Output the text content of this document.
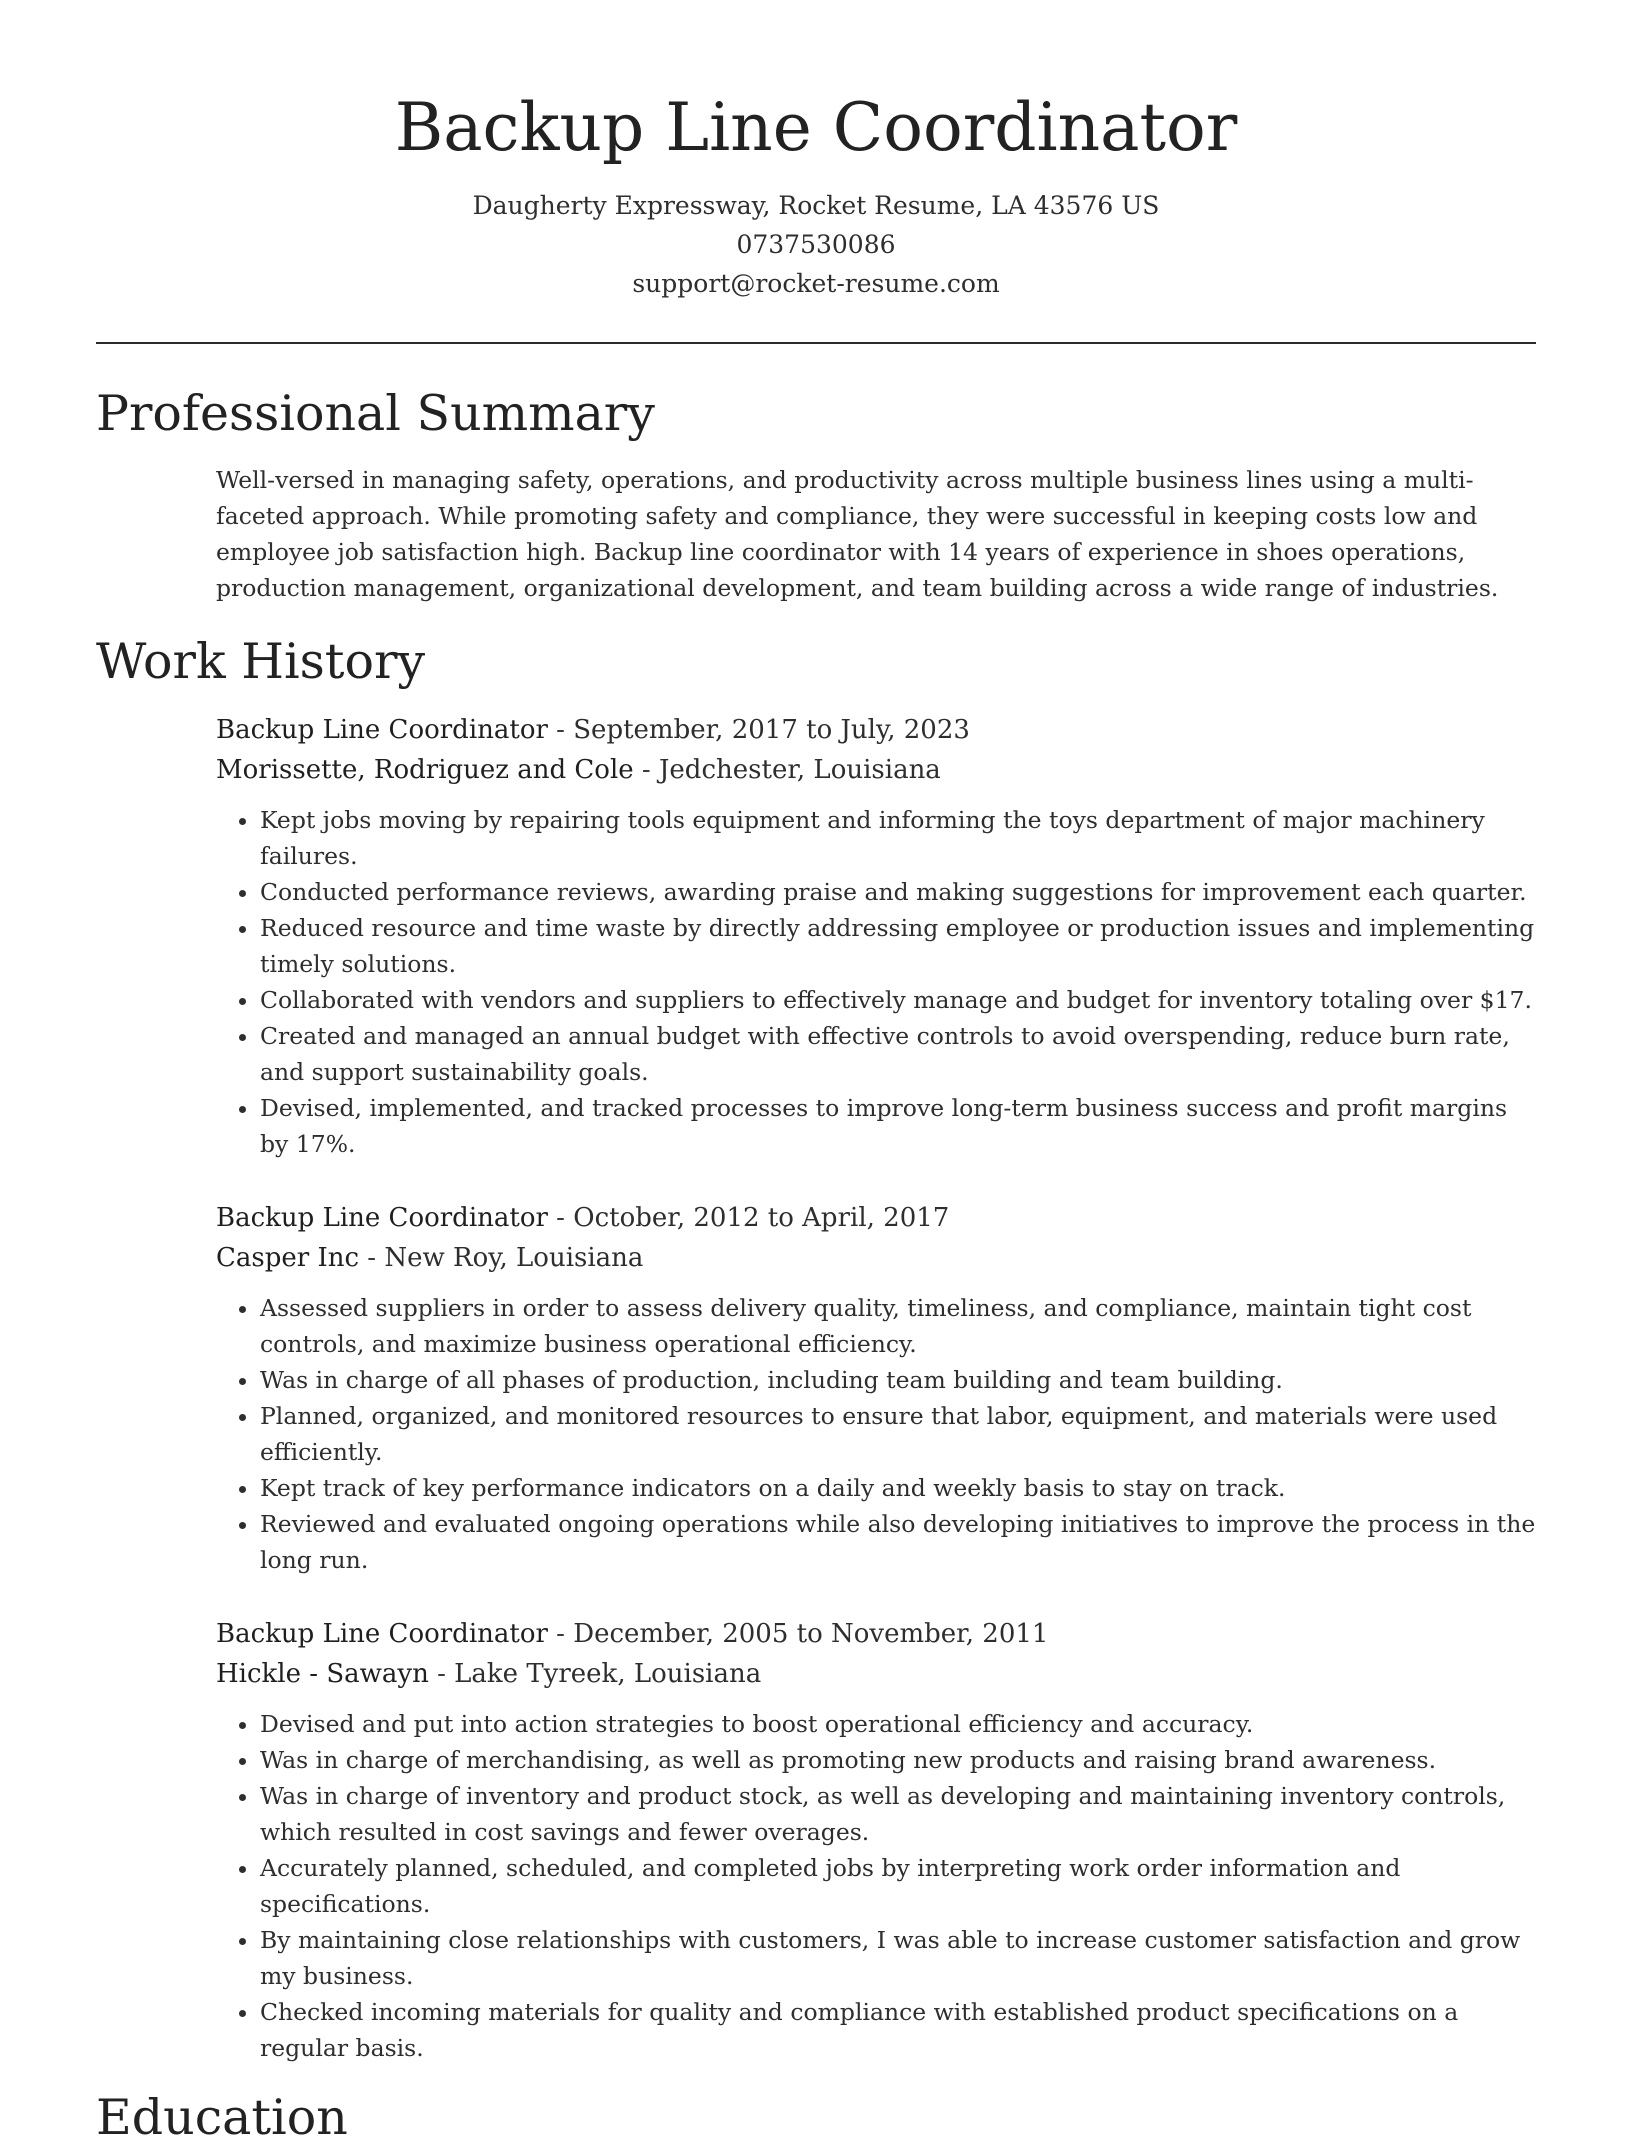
Backup Line Coordinator
Daugherty Expressway, Rocket Resume, LA 43576 US
0737530086
support@rocket-resume.com
Professional Summary
Well-versed in managing safety, operations, and productivity across multiple business lines using a multi-faceted approach. While promoting safety and compliance, they were successful in keeping costs low and employee job satisfaction high. Backup line coordinator with 14 years of experience in shoes operations, production management, organizational development, and team building across a wide range of industries.
Work History
Backup Line Coordinator - September, 2017 to July, 2023
Morissette, Rodriguez and Cole - Jedchester, Louisiana
• Kept jobs moving by repairing tools equipment and informing the toys department of major machinery failures.
• Conducted performance reviews, awarding praise and making suggestions for improvement each quarter.
• Reduced resource and time waste by directly addressing employee or production issues and implementing timely solutions.
• Collaborated with vendors and suppliers to effectively manage and budget for inventory totaling over $17.
• Created and managed an annual budget with effective controls to avoid overspending, reduce burn rate, and support sustainability goals.
• Devised, implemented, and tracked processes to improve long-term business success and profit margins by 17%.
Backup Line Coordinator - October, 2012 to April, 2017
Casper Inc - New Roy, Louisiana
• Assessed suppliers in order to assess delivery quality, timeliness, and compliance, maintain tight cost controls, and maximize business operational efficiency.
• Was in charge of all phases of production, including team building and team building.
• Planned, organized, and monitored resources to ensure that labor, equipment, and materials were used efficiently.
• Kept track of key performance indicators on a daily and weekly basis to stay on track.
• Reviewed and evaluated ongoing operations while also developing initiatives to improve the process in the long run.
Backup Line Coordinator - December, 2005 to November, 2011
Hickle - Sawayn - Lake Tyreek, Louisiana
• Devised and put into action strategies to boost operational efficiency and accuracy.
• Was in charge of merchandising, as well as promoting new products and raising brand awareness.
• Was in charge of inventory and product stock, as well as developing and maintaining inventory controls, which resulted in cost savings and fewer overages.
• Accurately planned, scheduled, and completed jobs by interpreting work order information and specifications.
• By maintaining close relationships with customers, I was able to increase customer satisfaction and grow my business.
• Checked incoming materials for quality and compliance with established product specifications on a regular basis.
Education
